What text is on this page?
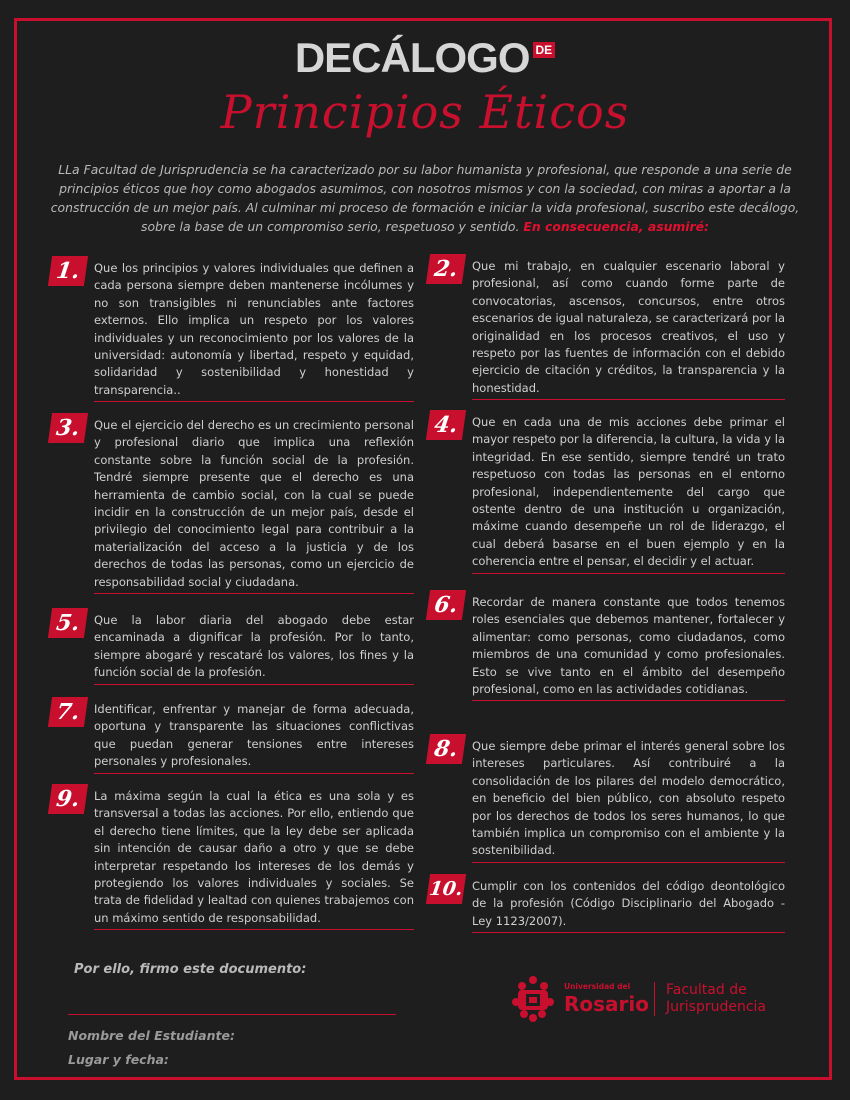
DECÁLOGO DE
Principios Éticos
LLa Facultad de Jurisprudencia se ha caracterizado por su labor humanista y profesional, que responde a una serie de principios éticos que hoy como abogados asumimos, con nosotros mismos y con la sociedad, con miras a aportar a la construcción de un mejor país. Al culminar mi proceso de formación e iniciar la vida profesional, suscribo este decálogo, sobre la base de un compromiso serio, respetuoso y sentido. En consecuencia, asumiré:
1.	Que los principios y valores individuales que definen a cada persona siempre deben mantenerse incólumes y no son transigibles ni renunciables ante factores externos. Ello implica un respeto por los valores individuales y un reconocimiento por los valores de la universidad: autonomía y libertad, respeto y equidad, solidaridad y sostenibilidad y honestidad y transparencia..
3.	Que el ejercicio del derecho es un crecimiento personal y profesional diario que implica una reflexión constante sobre la función social de la profesión. Tendré siempre presente que el derecho es una herramienta de cambio social, con la cual se puede incidir en la construcción de un mejor país, desde el privilegio del conocimiento legal para contribuir a la materialización del acceso a la justicia y de los derechos de todas las personas, como un ejercicio de responsabilidad social y ciudadana.
5.	Que la labor diaria del abogado debe estar encaminada a dignificar la profesión. Por lo tanto, siempre abogaré y rescataré los valores, los fines y la función social de la profesión.
7.	Identificar, enfrentar y manejar de forma adecuada, oportuna y transparente las situaciones conflictivas que puedan generar tensiones entre intereses personales y profesionales.
9.	La máxima según la cual la ética es una sola y es transversal a todas las acciones. Por ello, entiendo que el derecho tiene límites, que la ley debe ser aplicada sin intención de causar daño a otro y que se debe interpretar respetando los intereses de los demás y protegiendo los valores individuales y sociales. Se trata de fidelidad y lealtad con quienes trabajemos con un máximo sentido de responsabilidad.
2.	Que mi trabajo, en cualquier escenario laboral y profesional, así como cuando forme parte de convocatorias, ascensos, concursos, entre otros escenarios de igual naturaleza, se caracterizará por la originalidad en los procesos creativos, el uso y respeto por las fuentes de información con el debido ejercicio de citación y créditos, la transparencia y la honestidad.
4.	Que en cada una de mis acciones debe primar el mayor respeto por la diferencia, la cultura, la vida y la integridad. En ese sentido, siempre tendré un trato respetuoso con todas las personas en el entorno profesional, independientemente del cargo que ostente dentro de una institución u organización, máxime cuando desempeñe un rol de liderazgo, el cual deberá basarse en el buen ejemplo y en la coherencia entre el pensar, el decidir y el actuar.
6.	Recordar de manera constante que todos tenemos roles esenciales que debemos mantener, fortalecer y alimentar: como personas, como ciudadanos, como miembros de una comunidad y como profesionales. Esto se vive tanto en el ámbito del desempeño profesional, como en las actividades cotidianas.
8.	Que siempre debe primar el interés general sobre los intereses particulares. Así contribuiré a la consolidación de los pilares del modelo democrático, en beneficio del bien público, con absoluto respeto por los derechos de todos los seres humanos, lo que también implica un compromiso con el ambiente y la sostenibilidad.
10. Cumplir con los contenidos del código deontológico de la profesión (Código Disciplinario del Abogado - Ley 1123/2007).
Por ello, firmo este documento:
Nombre del Estudiante:
Lugar y fecha:
Universidad del
Rosario
Facultad de
Jurisprudencia
